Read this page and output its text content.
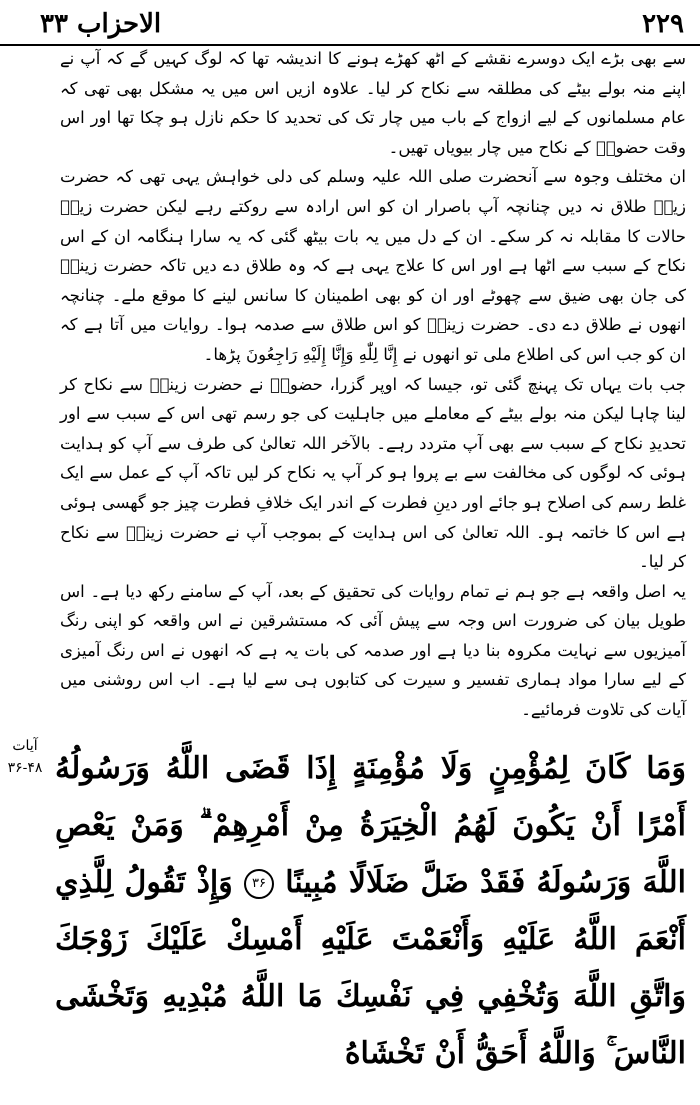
الاحزاب ۳۳	۲۲۹

سے بھی بڑے ایک دوسرے نقشے کے اٹھ کھڑے ہونے کا اندیشہ تھا کہ لوگ کہیں گے کہ آپ نے اپنے منہ بولے بیٹے کی مطلقہ سے نکاح کر لیا۔ علاوہ ازیں اس میں یہ مشکل بھی تھی کہ عام مسلمانوں کے لیے ازواج کے باب میں چار تک کی تحدید کا حکم نازل ہو چکا تھا اور اس وقت حضورؐ کے نکاح میں چار بیویاں تھیں۔

ان مختلف وجوہ سے آنحضرت صلی اللہ علیہ وسلم کی دلی خواہش یہی تھی کہ حضرت زیدؓ طلاق نہ دیں چنانچہ آپ باصرار ان کو اس ارادہ سے روکتے رہے لیکن حضرت زیدؓ حالات کا مقابلہ نہ کر سکے۔ ان کے دل میں یہ بات بیٹھ گئی کہ یہ سارا ہنگامہ ان کے اس نکاح کے سبب سے اٹھا ہے اور اس کا علاج یہی ہے کہ وہ طلاق دے دیں تاکہ حضرت زینبؓ کی جان بھی ضیق سے چھوٹے اور ان کو بھی اطمینان کا سانس لینے کا موقع ملے۔ چنانچہ انھوں نے طلاق دے دی۔ حضرت زینبؓ کو اس طلاق سے صدمہ ہوا۔ روایات میں آتا ہے کہ ان کو جب اس کی اطلاع ملی تو انھوں نے إِنَّا لِلّٰهِ وَإِنَّا إِلَيْهِ رَاجِعُونَ پڑھا۔

جب بات یہاں تک پہنچ گئی تو، جیسا کہ اوپر گزرا، حضورؐ نے حضرت زینبؓ سے نکاح کر لینا چاہا لیکن منہ بولے بیٹے کے معاملے میں جاہلیت کی جو رسم تھی اس کے سبب سے اور تحدیدِ نکاح کے سبب سے بھی آپ متردد رہے۔ بالآخر اللہ تعالیٰ کی طرف سے آپ کو ہدایت ہوئی کہ لوگوں کی مخالفت سے بے پروا ہو کر آپ یہ نکاح کر لیں تاکہ آپ کے عمل سے ایک غلط رسم کی اصلاح ہو جائے اور دینِ فطرت کے اندر ایک خلافِ فطرت چیز جو گھسی ہوئی ہے اس کا خاتمہ ہو۔ اللہ تعالیٰ کی اس ہدایت کے بموجب آپ نے حضرت زینبؓ سے نکاح کر لیا۔

یہ اصل واقعہ ہے جو ہم نے تمام روایات کی تحقیق کے بعد، آپ کے سامنے رکھ دیا ہے۔ اس طویل بیان کی ضرورت اس وجہ سے پیش آئی کہ مستشرقین نے اس واقعہ کو اپنی رنگ آمیزیوں سے نہایت مکروہ بنا دیا ہے اور صدمہ کی بات یہ ہے کہ انھوں نے اس رنگ آمیزی کے لیے سارا مواد ہماری تفسیر و سیرت کی کتابوں ہی سے لیا ہے۔ اب اس روشنی میں آیات کی تلاوت فرمائیے۔

آیات
۳۶-۴۸ وَمَا كَانَ لِمُؤْمِنٍ وَلَا مُؤْمِنَةٍ إِذَا قَضَى اللَّهُ وَرَسُولُهُ أَمْرًا أَنْ يَكُونَ لَهُمُ الْخِيَرَةُ مِنْ أَمْرِهِمْ ۗ وَمَنْ يَعْصِ اللَّهَ وَرَسُولَهُ فَقَدْ ضَلَّ ضَلَالًا مُبِينًا ۳۶ وَإِذْ تَقُولُ لِلَّذِي أَنْعَمَ اللَّهُ عَلَيْهِ وَأَنْعَمْتَ عَلَيْهِ أَمْسِكْ عَلَيْكَ زَوْجَكَ وَاتَّقِ اللَّهَ وَتُخْفِي فِي نَفْسِكَ مَا اللَّهُ مُبْدِيهِ وَتَخْشَى النَّاسَ ۚ وَاللَّهُ أَحَقُّ أَنْ تَخْشَاهُ
